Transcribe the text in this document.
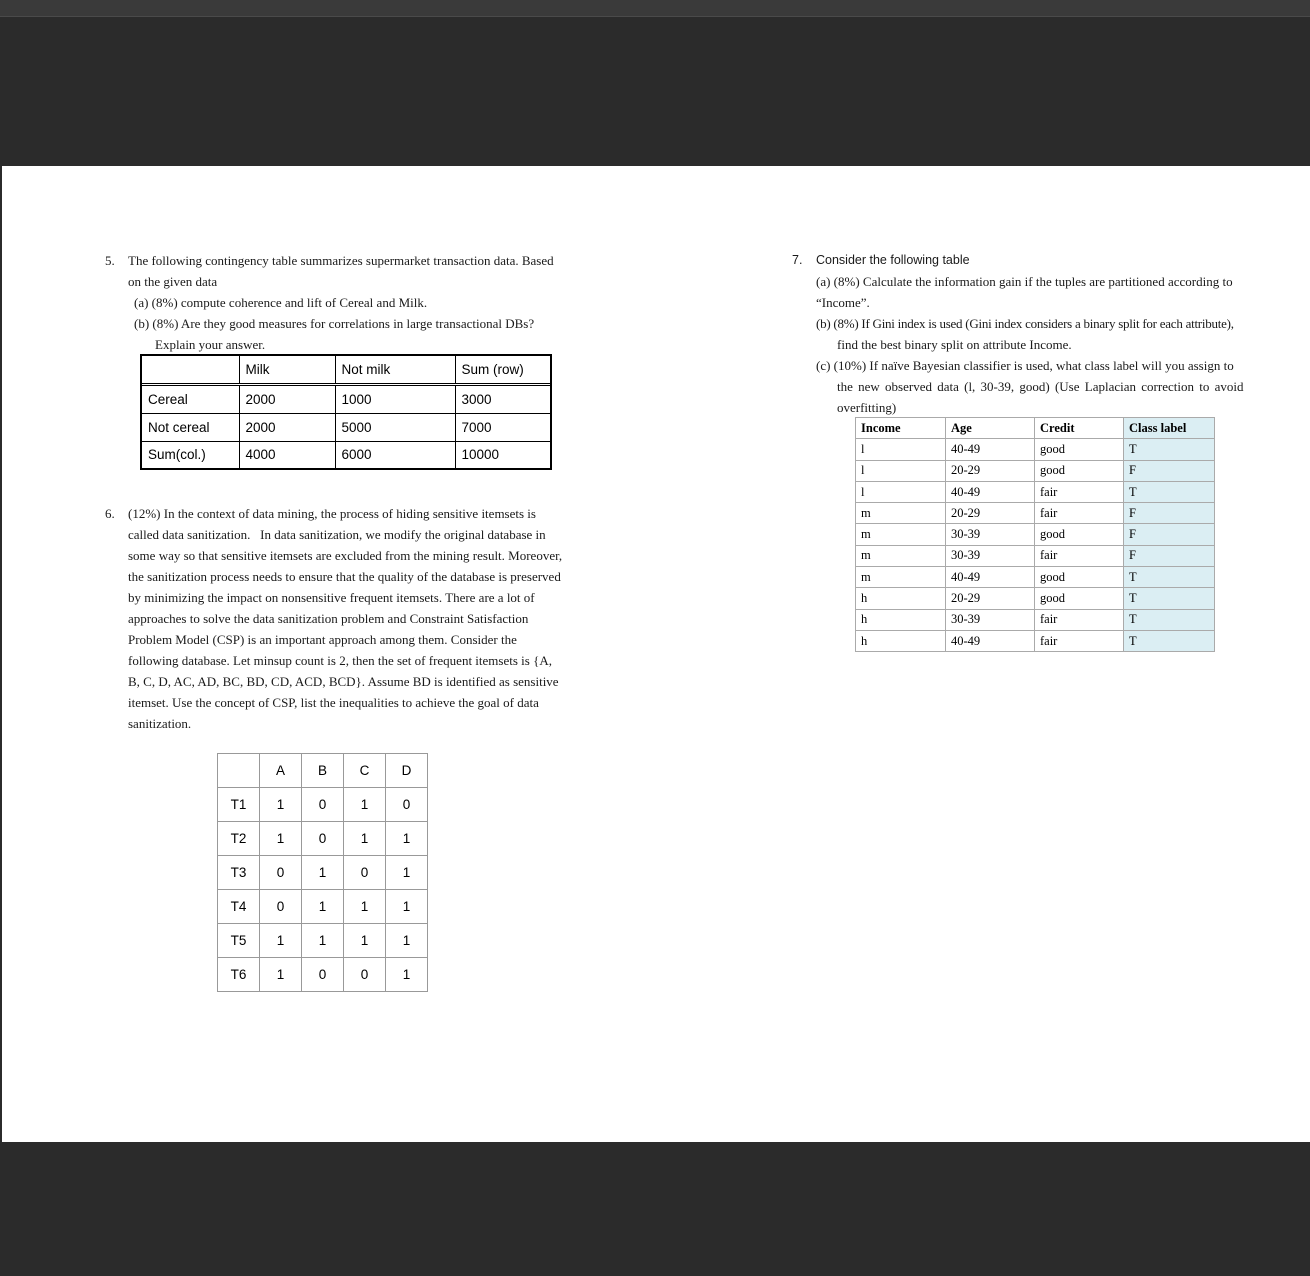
5. The following contingency table summarizes supermarket transaction data. Based
on the given data
(a) (8%) compute coherence and lift of Cereal and Milk.
(b) (8%) Are they good measures for correlations in large transactional DBs?
Explain your answer.
	Milk	Not milk	Sum (row)

Cereal	2000	1000	3000
Not cereal	2000	5000	7000
Sum(col.)	4000	6000	10000
6. (12%) In the context of data mining, the process of hiding sensitive itemsets is
called data sanitization.   In data sanitization, we modify the original database in
some way so that sensitive itemsets are excluded from the mining result. Moreover,
the sanitization process needs to ensure that the quality of the database is preserved
by minimizing the impact on nonsensitive frequent itemsets. There are a lot of
approaches to solve the data sanitization problem and Constraint Satisfaction
Problem Model (CSP) is an important approach among them. Consider the
following database. Let minsup count is 2, then the set of frequent itemsets is {A,
B, C, D, AC, AD, BC, BD, CD, ACD, BCD}. Assume BD is identified as sensitive
itemset. Use the concept of CSP, list the inequalities to achieve the goal of data
sanitization.
	A	B	C	D
T1	1	0	1	0
T2	1	0	1	1
T3	0	1	0	1
T4	0	1	1	1
T5	1	1	1	1
T6	1	0	0	1
7. Consider the following table
(a) (8%) Calculate the information gain if the tuples are partitioned according to
“Income”.
(b) (8%) If Gini index is used (Gini index considers a binary split for each attribute),
find the best binary split on attribute Income.
(c) (10%) If naïve Bayesian classifier is used, what class label will you assign to
the new observed data (l, 30-39, good) (Use Laplacian correction to avoid
overfitting)
Income	Age	Credit	Class label
l	40-49	good	T
l	20-29	good	F
l	40-49	fair	T
m	20-29	fair	F
m	30-39	good	F
m	30-39	fair	F
m	40-49	good	T
h	20-29	good	T
h	30-39	fair	T
h	40-49	fair	T
